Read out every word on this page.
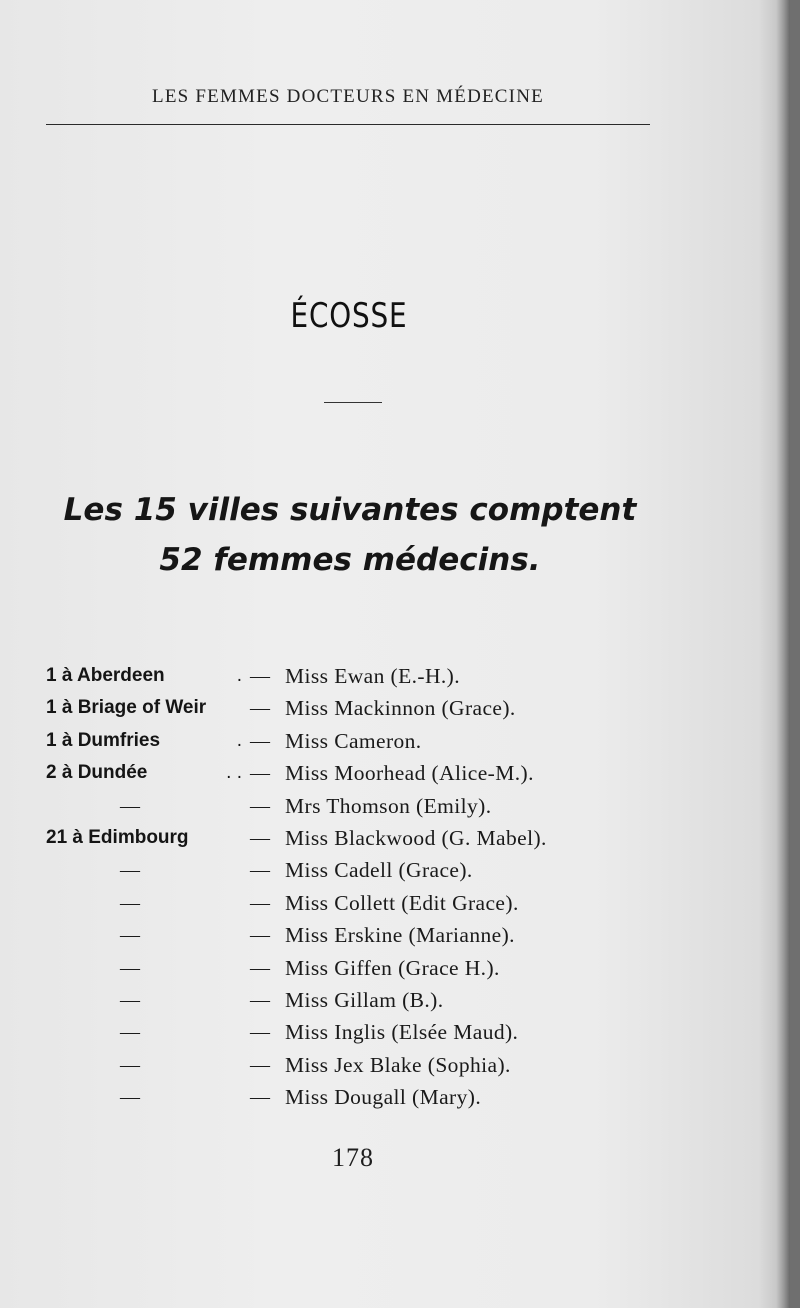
LES FEMMES DOCTEURS EN MÉDECINE
ÉCOSSE
Les 15 villes suivantes comptent
52 femmes médecins.
1 à Aberdeen	. — Miss Ewan (E.-H.).
1 à Briage of Weir	— Miss Mackinnon (Grace).
1 à Dumfries	. — Miss Cameron.
2 à Dundée	. . — Miss Moorhead (Alice-M.).
—	— Mrs Thomson (Emily).
21 à Edimbourg	— Miss Blackwood (G. Mabel).
—	— Miss Cadell (Grace).
—	— Miss Collett (Edit Grace).
—	— Miss Erskine (Marianne).
—	— Miss Giffen (Grace H.).
—	— Miss Gillam (B.).
—	— Miss Inglis (Elsée Maud).
—	— Miss Jex Blake (Sophia).
—	— Miss Dougall (Mary).
178
